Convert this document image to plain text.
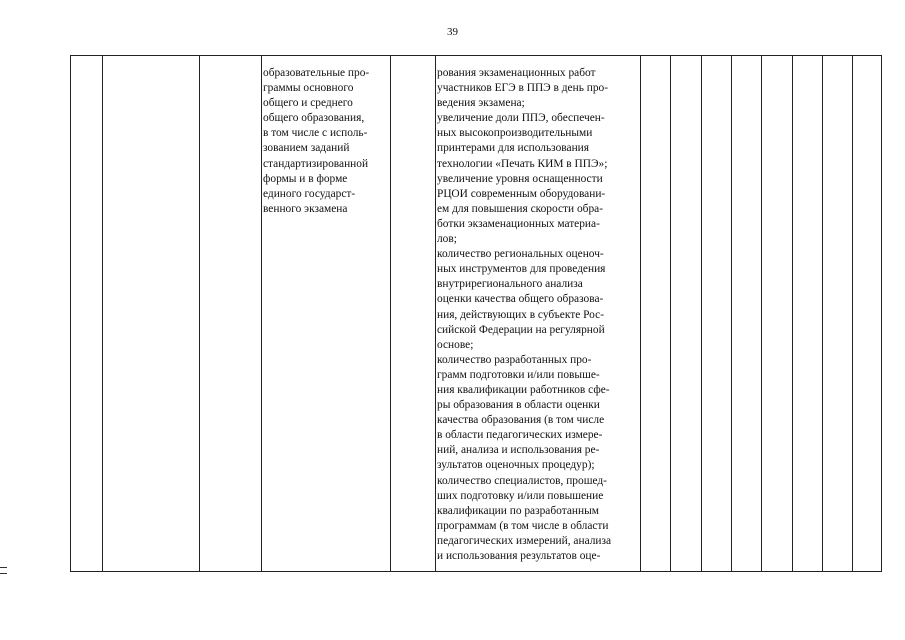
39
образовательные про-
граммы основного
общего и среднего
общего образования,
в том числе с исполь-
зованием заданий
стандартизированной
формы и в форме
единого государст-
венного экзамена
рования экзаменационных работ
участников ЕГЭ в ППЭ в день про-
ведения экзамена;
увеличение доли ППЭ, обеспечен-
ных высокопроизводительными
принтерами для использования
технологии «Печать КИМ в ППЭ»;
увеличение уровня оснащенности
РЦОИ современным оборудовани-
ем для повышения скорости обра-
ботки экзаменационных материа-
лов;
количество региональных оценоч-
ных инструментов для проведения
внутрирегионального анализа
оценки качества общего образова-
ния, действующих в субъекте Рос-
сийской Федерации на регулярной
основе;
количество разработанных про-
грамм подготовки и/или повыше-
ния квалификации работников сфе-
ры образования в области оценки
качества образования (в том числе
в области педагогических измере-
ний, анализа и использования ре-
зультатов оценочных процедур);
количество специалистов, прошед-
ших подготовку и/или повышение
квалификации по разработанным
программам (в том числе в области
педагогических измерений, анализа
и использования результатов оце-
